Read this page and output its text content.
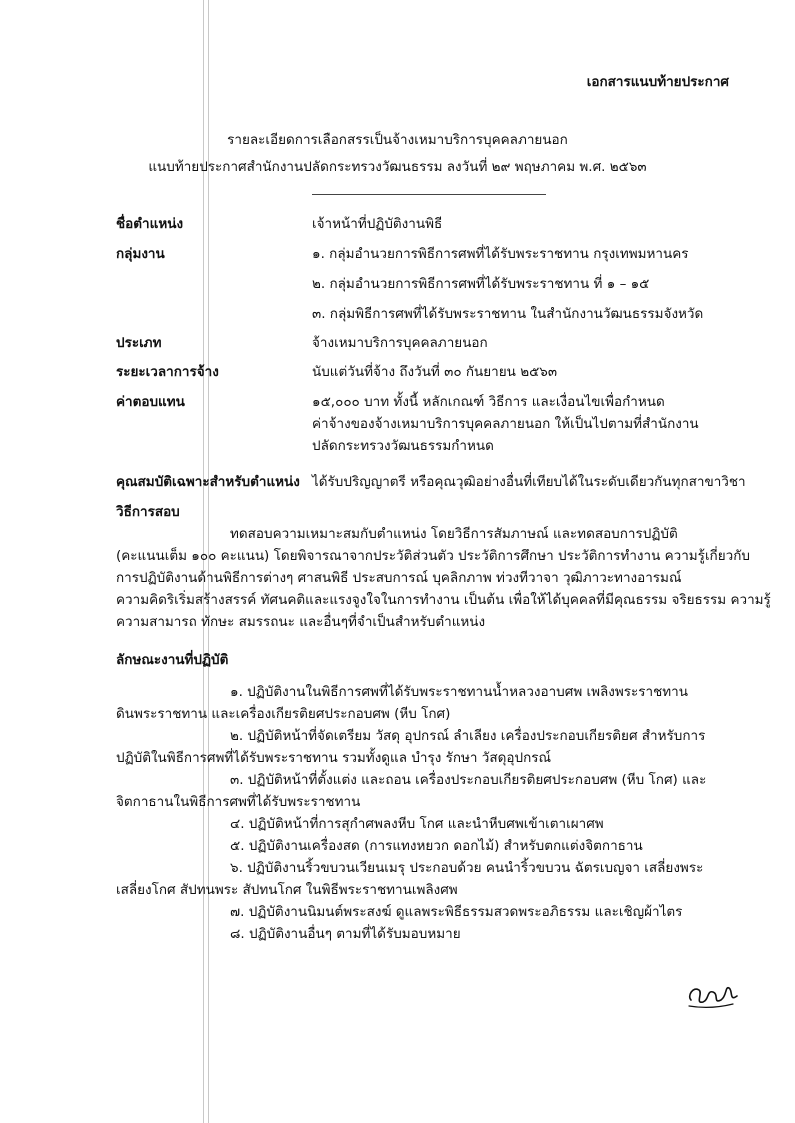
เอกสารแนบท้ายประกาศ
รายละเอียดการเลือกสรรเป็นจ้างเหมาบริการบุคคลภายนอก
แนบท้ายประกาศสำนักงานปลัดกระทรวงวัฒนธรรม ลงวันที่ ๒๙ พฤษภาคม พ.ศ. ๒๕๖๓
ชื่อตำแหน่ง
กลุ่มงาน
ประเภท
ระยะเวลาการจ้าง
ค่าตอบแทน
คุณสมบัติเฉพาะสำหรับตำแหน่ง
วิธีการสอบ
เจ้าหน้าที่ปฏิบัติงานพิธี
๑. กลุ่มอำนวยการพิธีการศพที่ได้รับพระราชทาน กรุงเทพมหานคร
๒. กลุ่มอำนวยการพิธีการศพที่ได้รับพระราชทาน ที่ ๑ – ๑๕
๓. กลุ่มพิธีการศพที่ได้รับพระราชทาน ในสำนักงานวัฒนธรรมจังหวัด
จ้างเหมาบริการบุคคลภายนอก
นับแต่วันที่จ้าง ถึงวันที่ ๓๐ กันยายน ๒๕๖๓
๑๕,๐๐๐ บาท ทั้งนี้ หลักเกณฑ์ วิธีการ และเงื่อนไขเพื่อกำหนด
ค่าจ้างของจ้างเหมาบริการบุคคลภายนอก ให้เป็นไปตามที่สำนักงาน
ปลัดกระทรวงวัฒนธรรมกำหนด
ได้รับปริญญาตรี หรือคุณวุฒิอย่างอื่นที่เทียบได้ในระดับเดียวกันทุกสาขาวิชา
ทดสอบความเหมาะสมกับตำแหน่ง โดยวิธีการสัมภาษณ์ และทดสอบการปฏิบัติ
(คะแนนเต็ม ๑๐๐ คะแนน) โดยพิจารณาจากประวัติส่วนตัว ประวัติการศึกษา ประวัติการทำงาน ความรู้เกี่ยวกับ
การปฏิบัติงานด้านพิธีการต่างๆ ศาสนพิธี ประสบการณ์ บุคลิกภาพ ท่วงทีวาจา วุฒิภาวะทางอารมณ์
ความคิดริเริ่มสร้างสรรค์ ทัศนคติและแรงจูงใจในการทำงาน เป็นต้น เพื่อให้ได้บุคคลที่มีคุณธรรม จริยธรรม ความรู้
ความสามารถ ทักษะ สมรรถนะ และอื่นๆที่จำเป็นสำหรับตำแหน่ง
ลักษณะงานที่ปฏิบัติ
๑. ปฏิบัติงานในพิธีการศพที่ได้รับพระราชทานน้ำหลวงอาบศพ เพลิงพระราชทาน
ดินพระราชทาน และเครื่องเกียรติยศประกอบศพ (หีบ โกศ)
๒. ปฏิบัติหน้าที่จัดเตรียม วัสดุ อุปกรณ์ ลำเลียง เครื่องประกอบเกียรติยศ สำหรับการ
ปฏิบัติในพิธีการศพที่ได้รับพระราชทาน รวมทั้งดูแล บำรุง รักษา วัสดุอุปกรณ์
๓. ปฏิบัติหน้าที่ตั้งแต่ง และถอน เครื่องประกอบเกียรติยศประกอบศพ (หีบ โกศ) และ
จิตกาธานในพิธีการศพที่ได้รับพระราชทาน
๔. ปฏิบัติหน้าที่การสุกำศพลงหีบ โกศ และนำหีบศพเข้าเตาเผาศพ
๕. ปฏิบัติงานเครื่องสด (การแทงหยวก ดอกไม้) สำหรับตกแต่งจิตกาธาน
๖. ปฏิบัติงานริ้วขบวนเวียนเมรุ ประกอบด้วย คนนำริ้วขบวน ฉัตรเบญจา เสลี่ยงพระ
เสลี่ยงโกศ สัปทนพระ สัปทนโกศ ในพิธีพระราชทานเพลิงศพ
๗. ปฏิบัติงานนิมนต์พระสงฆ์ ดูแลพระพิธีธรรมสวดพระอภิธรรม และเชิญผ้าไตร
๘. ปฏิบัติงานอื่นๆ ตามที่ได้รับมอบหมาย
